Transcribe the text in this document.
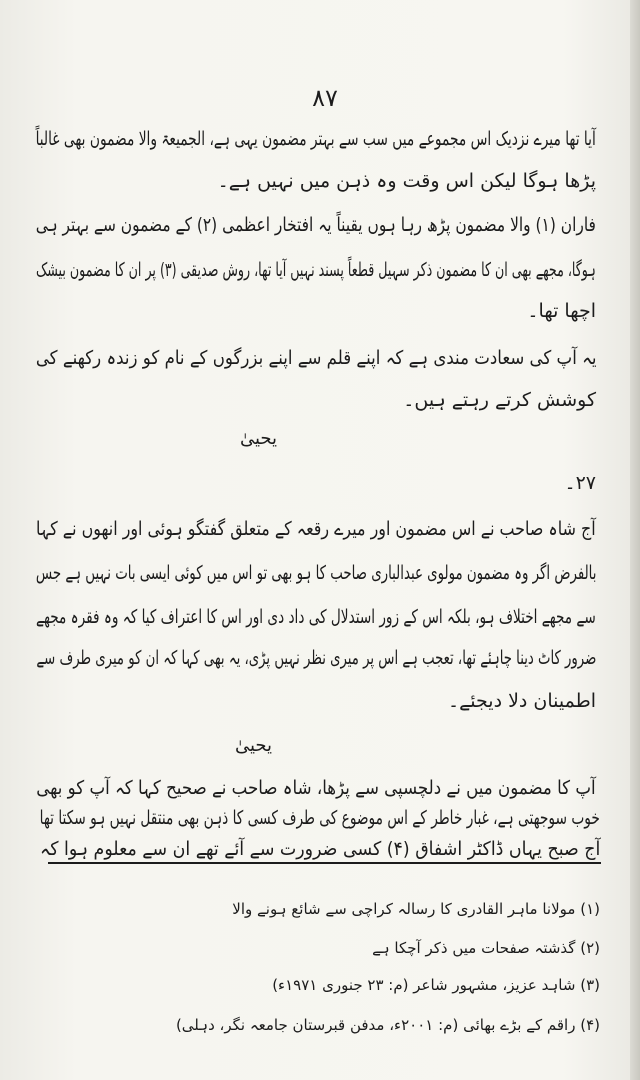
۸۷
آیا تھا میرے نزدیک اس مجموعے میں سب سے بہتر مضمون یہی ہے، الجمیعۃ والا مضمون بھی غالباً
پڑھا ہوگا لیکن اس وقت وہ ذہن میں نہیں ہے۔
فاران (۱) والا مضمون پڑھ رہا ہوں یقیناً یہ افتخار اعظمی (۲) کے مضمون سے بہتر ہی
ہوگا، مجھے بھی ان کا مضمون ذکر سہیل قطعاً پسند نہیں آیا تھا، روش صدیقی (۳) پر ان کا مضمون بیشک
اچھا تھا۔
یہ آپ کی سعادت مندی ہے کہ اپنے قلم سے اپنے بزرگوں کے نام کو زندہ رکھنے کی
کوشش کرتے رہتے ہیں۔
یحییٰ
۲۷۔
آج شاہ صاحب نے اس مضمون اور میرے رقعہ کے متعلق گفتگو ہوئی اور انھوں نے کہا
بالفرض اگر وہ مضمون مولوی عبدالباری صاحب کا ہو بھی تو اس میں کوئی ایسی بات نہیں ہے جس
سے مجھے اختلاف ہو، بلکہ اس کے زور استدلال کی داد دی اور اس کا اعتراف کیا کہ وہ فقرہ مجھے
ضرور کاٹ دینا چاہئے تھا، تعجب ہے اس پر میری نظر نہیں پڑی، یہ بھی کہا کہ ان کو میری طرف سے
اطمینان دلا دیجئے۔
یحییٰ
آپ کا مضمون میں نے دلچسپی سے پڑھا، شاہ صاحب نے صحیح کہا کہ آپ کو بھی
خوب سوجھتی ہے، غبار خاطر کے اس موضوع کی طرف کسی کا ذہن بھی منتقل نہیں ہو سکتا تھا
آج صبح یہاں ڈاکٹر اشفاق (۴) کسی ضرورت سے آئے تھے ان سے معلوم ہوا کہ
(۱) مولانا ماہر القادری کا رسالہ کراچی سے شائع ہونے والا
(۲) گذشتہ صفحات میں ذکر آچکا ہے
(۳) شاہد عزیز، مشہور شاعر (م: ۲۳ جنوری ۱۹۷۱ء)
(۴) راقم کے بڑے بھائی (م: ۲۰۰۱ء، مدفن قبرستان جامعہ نگر، دہلی)
